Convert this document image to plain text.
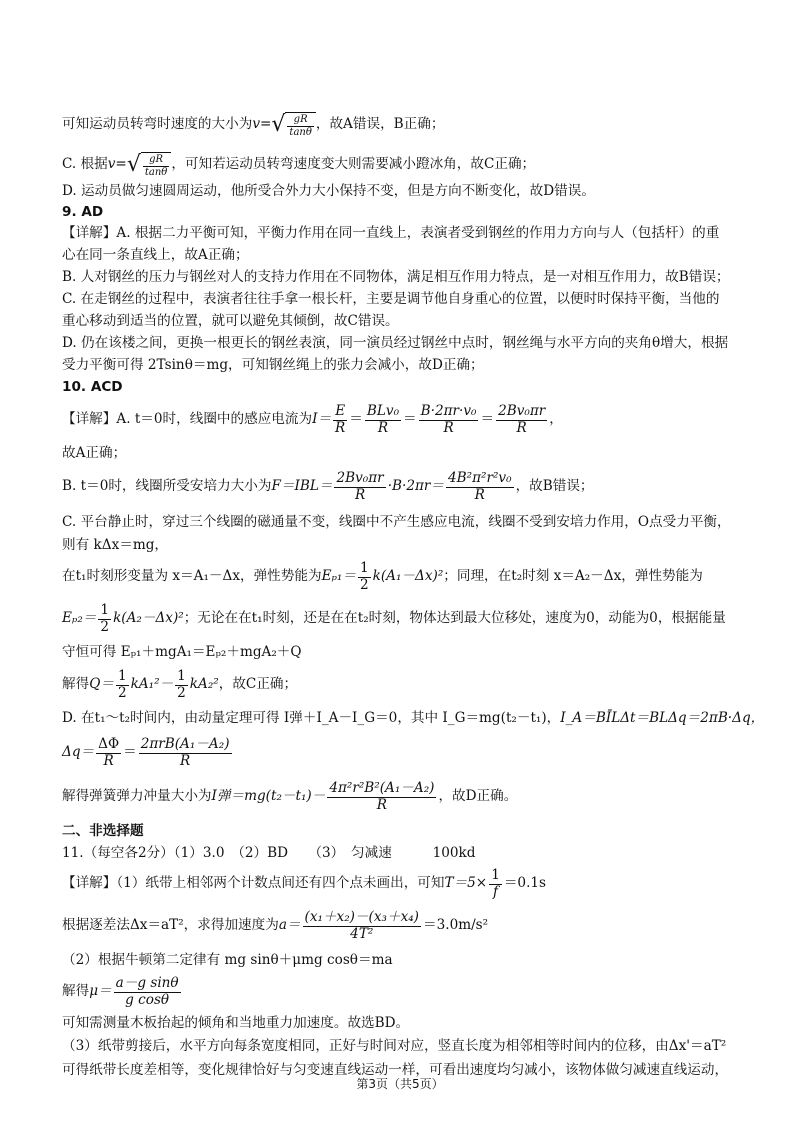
可知运动员转弯时速度的大小为 v= √ $\frac{gR}{\tan\theta}$ ，故A错误，B正确；
C. 根据 v= √ $\frac{gR}{\tan\theta}$ ，可知若运动员转弯速度变大则需要减小蹬冰角，故C正确；

D. 运动员做匀速圆周运动，他所受合外力大小保持不变，但是方向不断变化，故D错误。

9. AD

【详解】A. 根据二力平衡可知，平衡力作用在同一直线上，表演者受到钢丝的作用力方向与人（包括杆）的重

心在同一条直线上，故A正确；

B. 人对钢丝的压力与钢丝对人的支持力作用在不同物体，满足相互作用力特点，是一对相互作用力，故B错误；

C. 在走钢丝的过程中，表演者往往手拿一根长杆，主要是调节他自身重心的位置，以便时时保持平衡，当他的

重心移动到适当的位置，就可以避免其倾倒，故C错误。

D. 仍在该楼之间，更换一根更长的钢丝表演，同一演员经过钢丝中点时，钢丝绳与水平方向的夹角θ增大，根据

受力平衡可得 2Tsinθ＝mg，可知钢丝绳上的张力会减小，故D正确；

10. ACD

【详解】A. t＝0时，线圈中的感应电流为 $I= \frac{E}{R} = \frac{\text{BLv₀}}{R} = \frac{\text{B·2πr·v₀}}{R} = \frac{\text{2Bv₀πr}}{R}$ ，

故A正确；

B. t＝0时，线圈所受安培力大小为 $F=IBL= \frac{\text{2Bv₀πr}}{R} \cdot B\cdot 2\pi r= \frac{\text{4B²π²r²v₀}}{R}$ ，故B错误；

C. 平台静止时，穿过三个线圈的磁通量不变，线圈中不产生感应电流，线圈不受到安培力作用，O点受力平衡，

则有 kΔx＝mg，

在t₁时刻形变量为 x＝A₁－Δx，弹性势能为 $E_{p1}= \frac{1}{2} k(A_1-\Delta x)^2$ ；同理，在t₂时刻 x＝A₂－Δx，弹性势能为
$E_{p2}= \frac{1}{2} k(A_2-\Delta x)^2$ ；无论在在t₁时刻，还是在在t₂时刻，物体达到最大位移处，速度为0，动能为0，根据能量

守恒可得 Eₚ₁＋mgA₁＝Eₚ₂＋mgA₂＋Q

解得 $Q= \frac{1}{2} kA_1^2- \frac{1}{2} kA_2^2$ ，故C正确；
D. 在t₁～t₂时间内，由动量定理可得 I弹＋I_A－I_G＝0，其中 I_G＝mg(t₂－t₁)， I_A＝BĪLΔt＝BLΔq＝2πB·Δq，
$\Delta q= \frac{\Delta\Phi}{R} = \frac{\text{2πrB(A₁－A₂)}}{R}$
解得弹簧弹力冲量大小为 I弹$=mg(t_2-t_1)- \frac{\text{4π²r²B²(A₁－A₂)}}{R}$ ，故D正确。

二、非选择题

11.（每空各2分）（1）3.0　（2）BD　　（3）　匀减速　　　100kd

【详解】（1）纸带上相邻两个计数点间还有四个点未画出，可知 $T=5\times \frac{1}{f} =0.1s$
根据逐差法Δx＝aT²，求得加速度为 $a= \frac{\text{(x₁＋x₂)－(x₃＋x₄)}}{\text{4T²}} =3.0m/s^2$

（2）根据牛顿第二定律有 mg sinθ＋μmg cosθ＝ma

解得 $\mu= \frac{\text{a－g sinθ}}{\text{g cosθ}}$

可知需测量木板抬起的倾角和当地重力加速度。故选BD。

（3）纸带剪接后，水平方向每条宽度相同，正好与时间对应，竖直长度为相邻相等时间内的位移，由Δx'＝aT²

可得纸带长度差相等，变化规律恰好与匀变速直线运动一样，可看出速度均匀减小，该物体做匀减速直线运动，

第3页（共5页）
